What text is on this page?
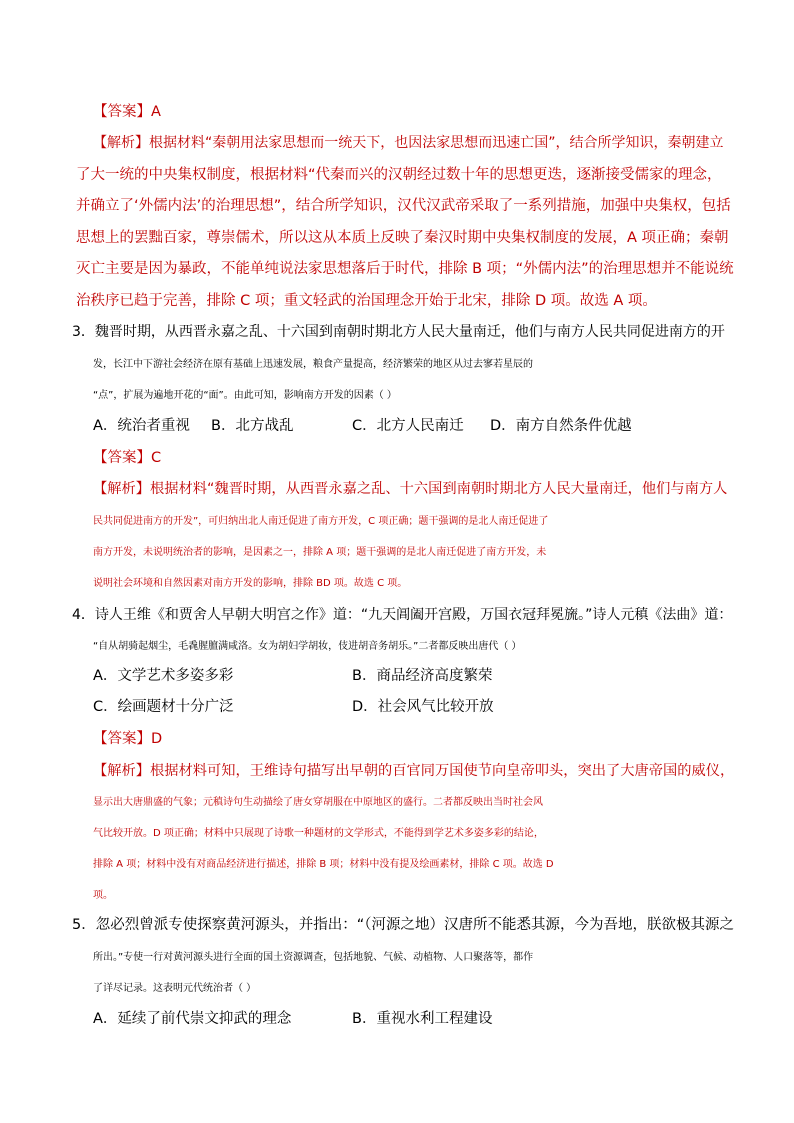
【答案】A
【解析】根据材料“秦朝用法家思想而一统天下，也因法家思想而迅速亡国”，结合所学知识，秦朝建立
了大一统的中央集权制度，根据材料“代秦而兴的汉朝经过数十年的思想更迭，逐渐接受儒家的理念，
并确立了‘外儒内法’的治理思想”，结合所学知识，汉代汉武帝采取了一系列措施，加强中央集权，包括
思想上的罢黜百家，尊崇儒术，所以这从本质上反映了秦汉时期中央集权制度的发展，A 项正确；秦朝
灭亡主要是因为暴政，不能单纯说法家思想落后于时代，排除 B 项；“外儒内法”的治理思想并不能说统
治秩序已趋于完善，排除 C 项；重文轻武的治国理念开始于北宋，排除 D 项。故选 A 项。
3．魏晋时期，从西晋永嘉之乱、十六国到南朝时期北方人民大量南迁，他们与南方人民共同促进南方的开
发，长江中下游社会经济在原有基础上迅速发展，粮食产量提高，经济繁荣的地区从过去寥若星辰的
“点”，扩展为遍地开花的“面”。由此可知，影响南方开发的因素（ ）
A．统治者重视 B．北方战乱	C．北方人民南迁 D．南方自然条件优越
【答案】C
【解析】根据材料“魏晋时期，从西晋永嘉之乱、十六国到南朝时期北方人民大量南迁，他们与南方人
民共同促进南方的开发”，可归纳出北人南迁促进了南方开发，C 项正确；题干强调的是北人南迁促进了
南方开发，未说明统治者的影响，是因素之一，排除 A 项；题干强调的是北人南迁促进了南方开发，未
说明社会环境和自然因素对南方开发的影响，排除 BD 项。故选 C 项。
4．诗人王维《和贾舍人早朝大明宫之作》道：“九天阊阖开宫殿，万国衣冠拜冕旒。”诗人元稹《法曲》道：
“自从胡骑起烟尘，毛毳腥膻满咸洛。女为胡妇学胡妆，伎进胡音务胡乐。”二者都反映出唐代（ ）
A．文学艺术多姿多彩	B．商品经济高度繁荣
C．绘画题材十分广泛	D．社会风气比较开放
【答案】D
【解析】根据材料可知，王维诗句描写出早朝的百官同万国使节向皇帝叩头，突出了大唐帝国的威仪，
显示出大唐鼎盛的气象；元稹诗句生动描绘了唐女穿胡服在中原地区的盛行。二者都反映出当时社会风
气比较开放。D 项正确；材料中只展现了诗歌一种题材的文学形式，不能得到学艺术多姿多彩的结论，
排除 A 项；材料中没有对商品经济进行描述，排除 B 项；材料中没有提及绘画素材，排除 C 项。故选 D
项。
5．忽必烈曾派专使探察黄河源头，并指出：“（河源之地）汉唐所不能悉其源，今为吾地，朕欲极其源之
所出。”专使一行对黄河源头进行全面的国土资源调查，包括地貌、气候、动植物、人口聚落等，都作
了详尽记录。这表明元代统治者（ ）
A．延续了前代崇文抑武的理念	B．重视水利工程建设
